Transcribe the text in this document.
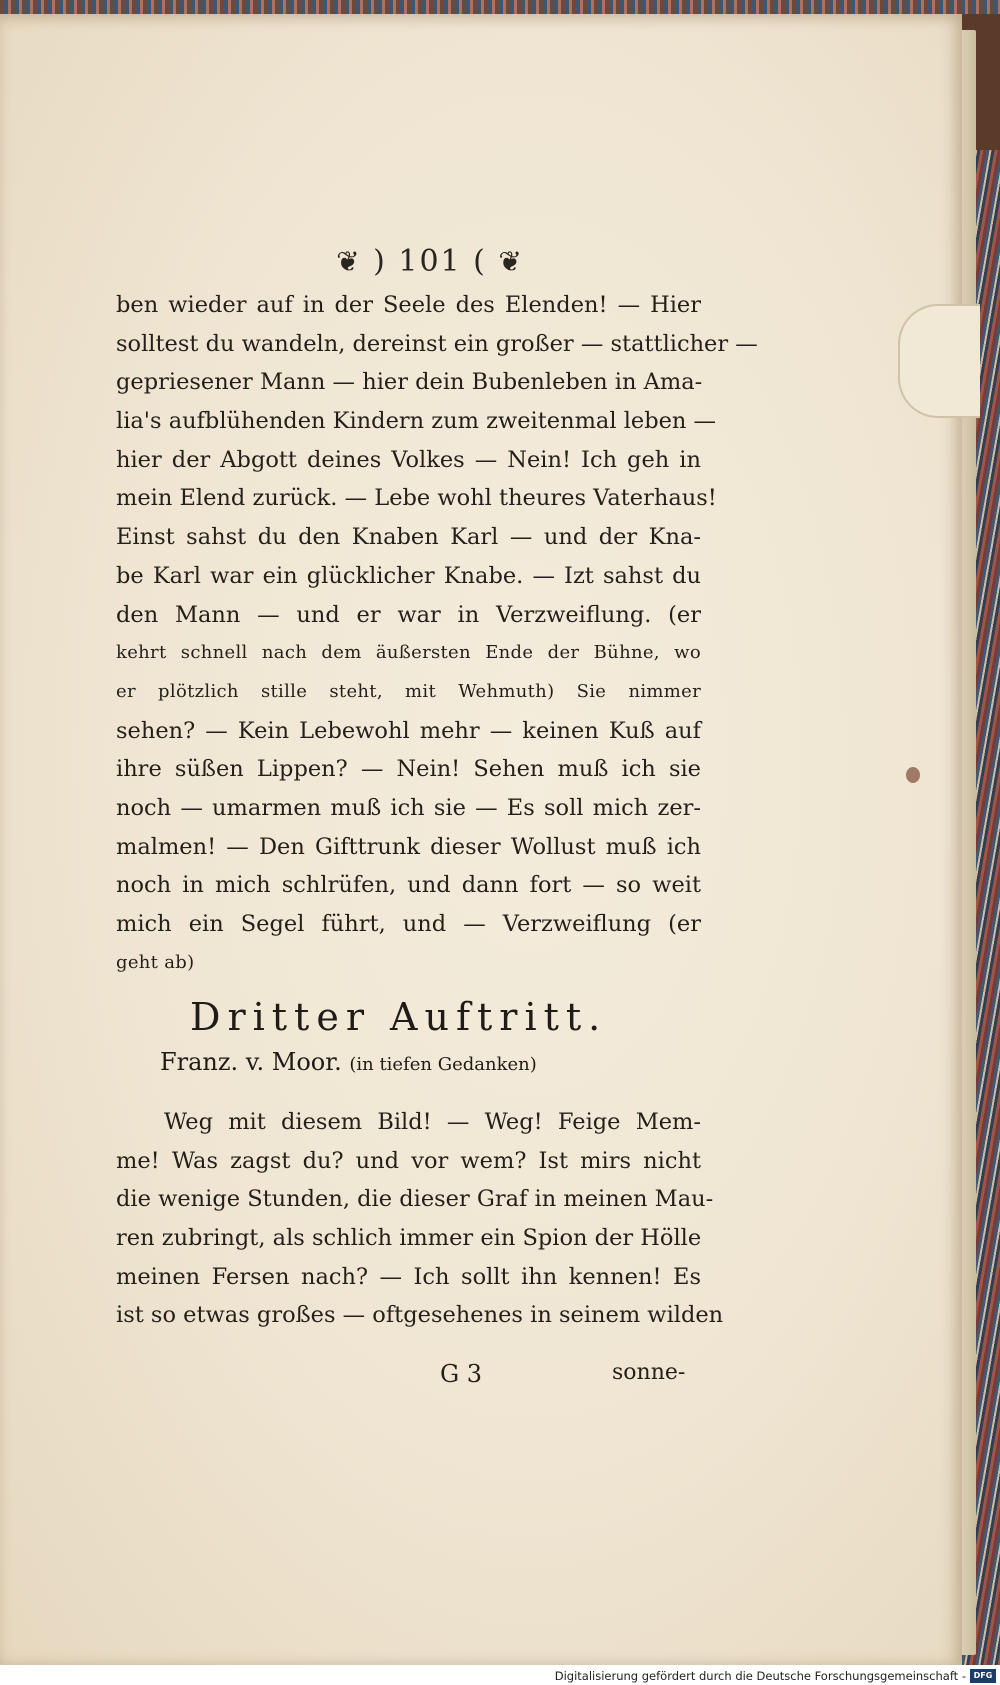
❦ ) 101 ( ❦
ben wieder auf in der Seele des Elenden! — Hier
solltest du wandeln, dereinst ein großer — stattlicher —
gepriesener Mann — hier dein Bubenleben in Ama-
lia's aufblühenden Kindern zum zweitenmal leben —
hier der Abgott deines Volkes — Nein! Ich geh in
mein Elend zurück. — Lebe wohl theures Vaterhaus!
Einst sahst du den Knaben Karl — und der Kna-
be Karl war ein glücklicher Knabe. — Izt sahst du
den Mann — und er war in Verzweiflung. (er
kehrt schnell nach dem äußersten Ende der Bühne, wo
er plötzlich stille steht, mit Wehmuth) Sie nimmer
sehen? — Kein Lebewohl mehr — keinen Kuß auf
ihre süßen Lippen? — Nein! Sehen muß ich sie
noch — umarmen muß ich sie — Es soll mich zer-
malmen! — Den Gifttrunk dieser Wollust muß ich
noch in mich schlrüfen, und dann fort — so weit
mich ein Segel führt, und — Verzweiflung (er
geht ab)
Dritter Auftritt.
Franz. v. Moor. (in tiefen Gedanken)
Weg mit diesem Bild! — Weg! Feige Mem-
me! Was zagst du? und vor wem? Ist mirs nicht
die wenige Stunden, die dieser Graf in meinen Mau-
ren zubringt, als schlich immer ein Spion der Hölle
meinen Fersen nach? — Ich sollt ihn kennen! Es
ist so etwas großes — oftgesehenes in seinem wilden
G 3	sonne-
Digitalisierung gefördert durch die Deutsche Forschungsgemeinschaft - DFG
